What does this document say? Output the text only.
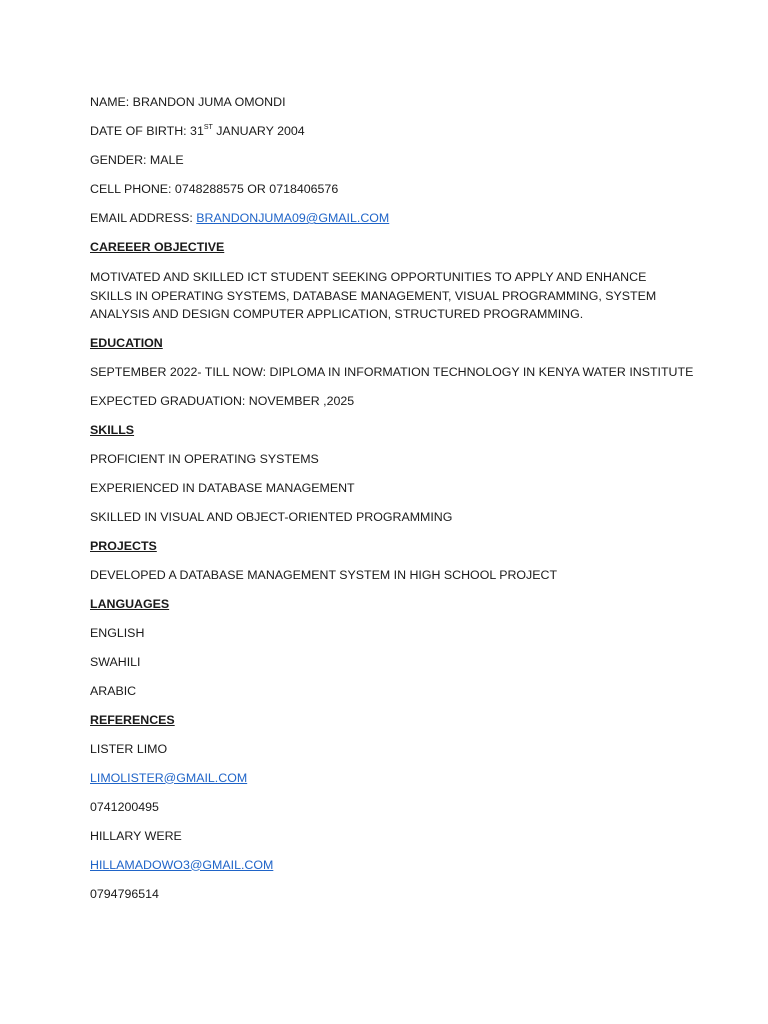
NAME: BRANDON JUMA OMONDI

DATE OF BIRTH: 31ST JANUARY 2004

GENDER: MALE

CELL PHONE: 0748288575 OR 0718406576

EMAIL ADDRESS: BRANDONJUMA09@GMAIL.COM

CAREEER OBJECTIVE

MOTIVATED AND SKILLED ICT STUDENT SEEKING OPPORTUNITIES TO APPLY AND ENHANCE SKILLS IN OPERATING SYSTEMS, DATABASE MANAGEMENT, VISUAL PROGRAMMING, SYSTEM ANALYSIS AND DESIGN COMPUTER APPLICATION, STRUCTURED PROGRAMMING.

EDUCATION

SEPTEMBER 2022- TILL NOW: DIPLOMA IN INFORMATION TECHNOLOGY IN KENYA WATER INSTITUTE

EXPECTED GRADUATION: NOVEMBER ,2025

SKILLS

PROFICIENT IN OPERATING SYSTEMS

EXPERIENCED IN DATABASE MANAGEMENT

SKILLED IN VISUAL AND OBJECT-ORIENTED PROGRAMMING

PROJECTS

DEVELOPED A DATABASE MANAGEMENT SYSTEM IN HIGH SCHOOL PROJECT

LANGUAGES

ENGLISH

SWAHILI

ARABIC

REFERENCES

LISTER LIMO

LIMOLISTER@GMAIL.COM

0741200495

HILLARY WERE

HILLAMADOWO3@GMAIL.COM

0794796514
